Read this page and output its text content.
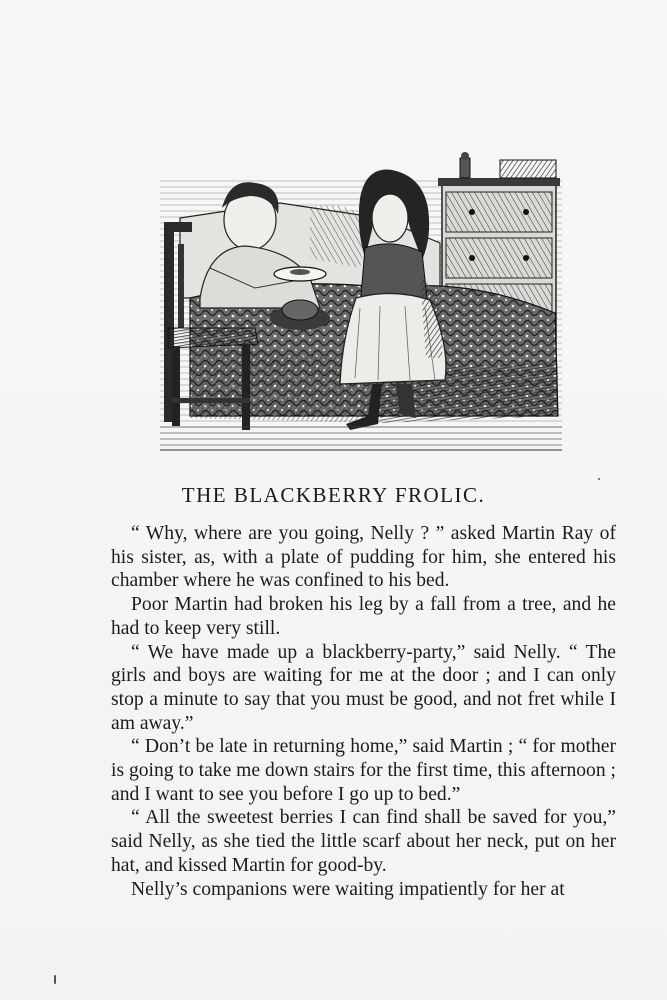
THE BLACKBERRY FROLIC.

“ Why, where are you going, Nelly ? ” asked Martin Ray of his sister, as, with a plate of pudding for him, she entered his chamber where he was confined to his bed.

Poor Martin had broken his leg by a fall from a tree, and he had to keep very still.

“ We have made up a blackberry-party,” said Nelly. “ The girls and boys are waiting for me at the door ; and I can only stop a minute to say that you must be good, and not fret while I am away.”

“ Don’t be late in returning home,” said Martin ; “ for mother is going to take me down stairs for the first time, this afternoon ; and I want to see you before I go up to bed.”

“ All the sweetest berries I can find shall be saved for you,” said Nelly, as she tied the little scarf about her neck, put on her hat, and kissed Martin for good-by.

Nelly’s companions were waiting impatiently for her at
